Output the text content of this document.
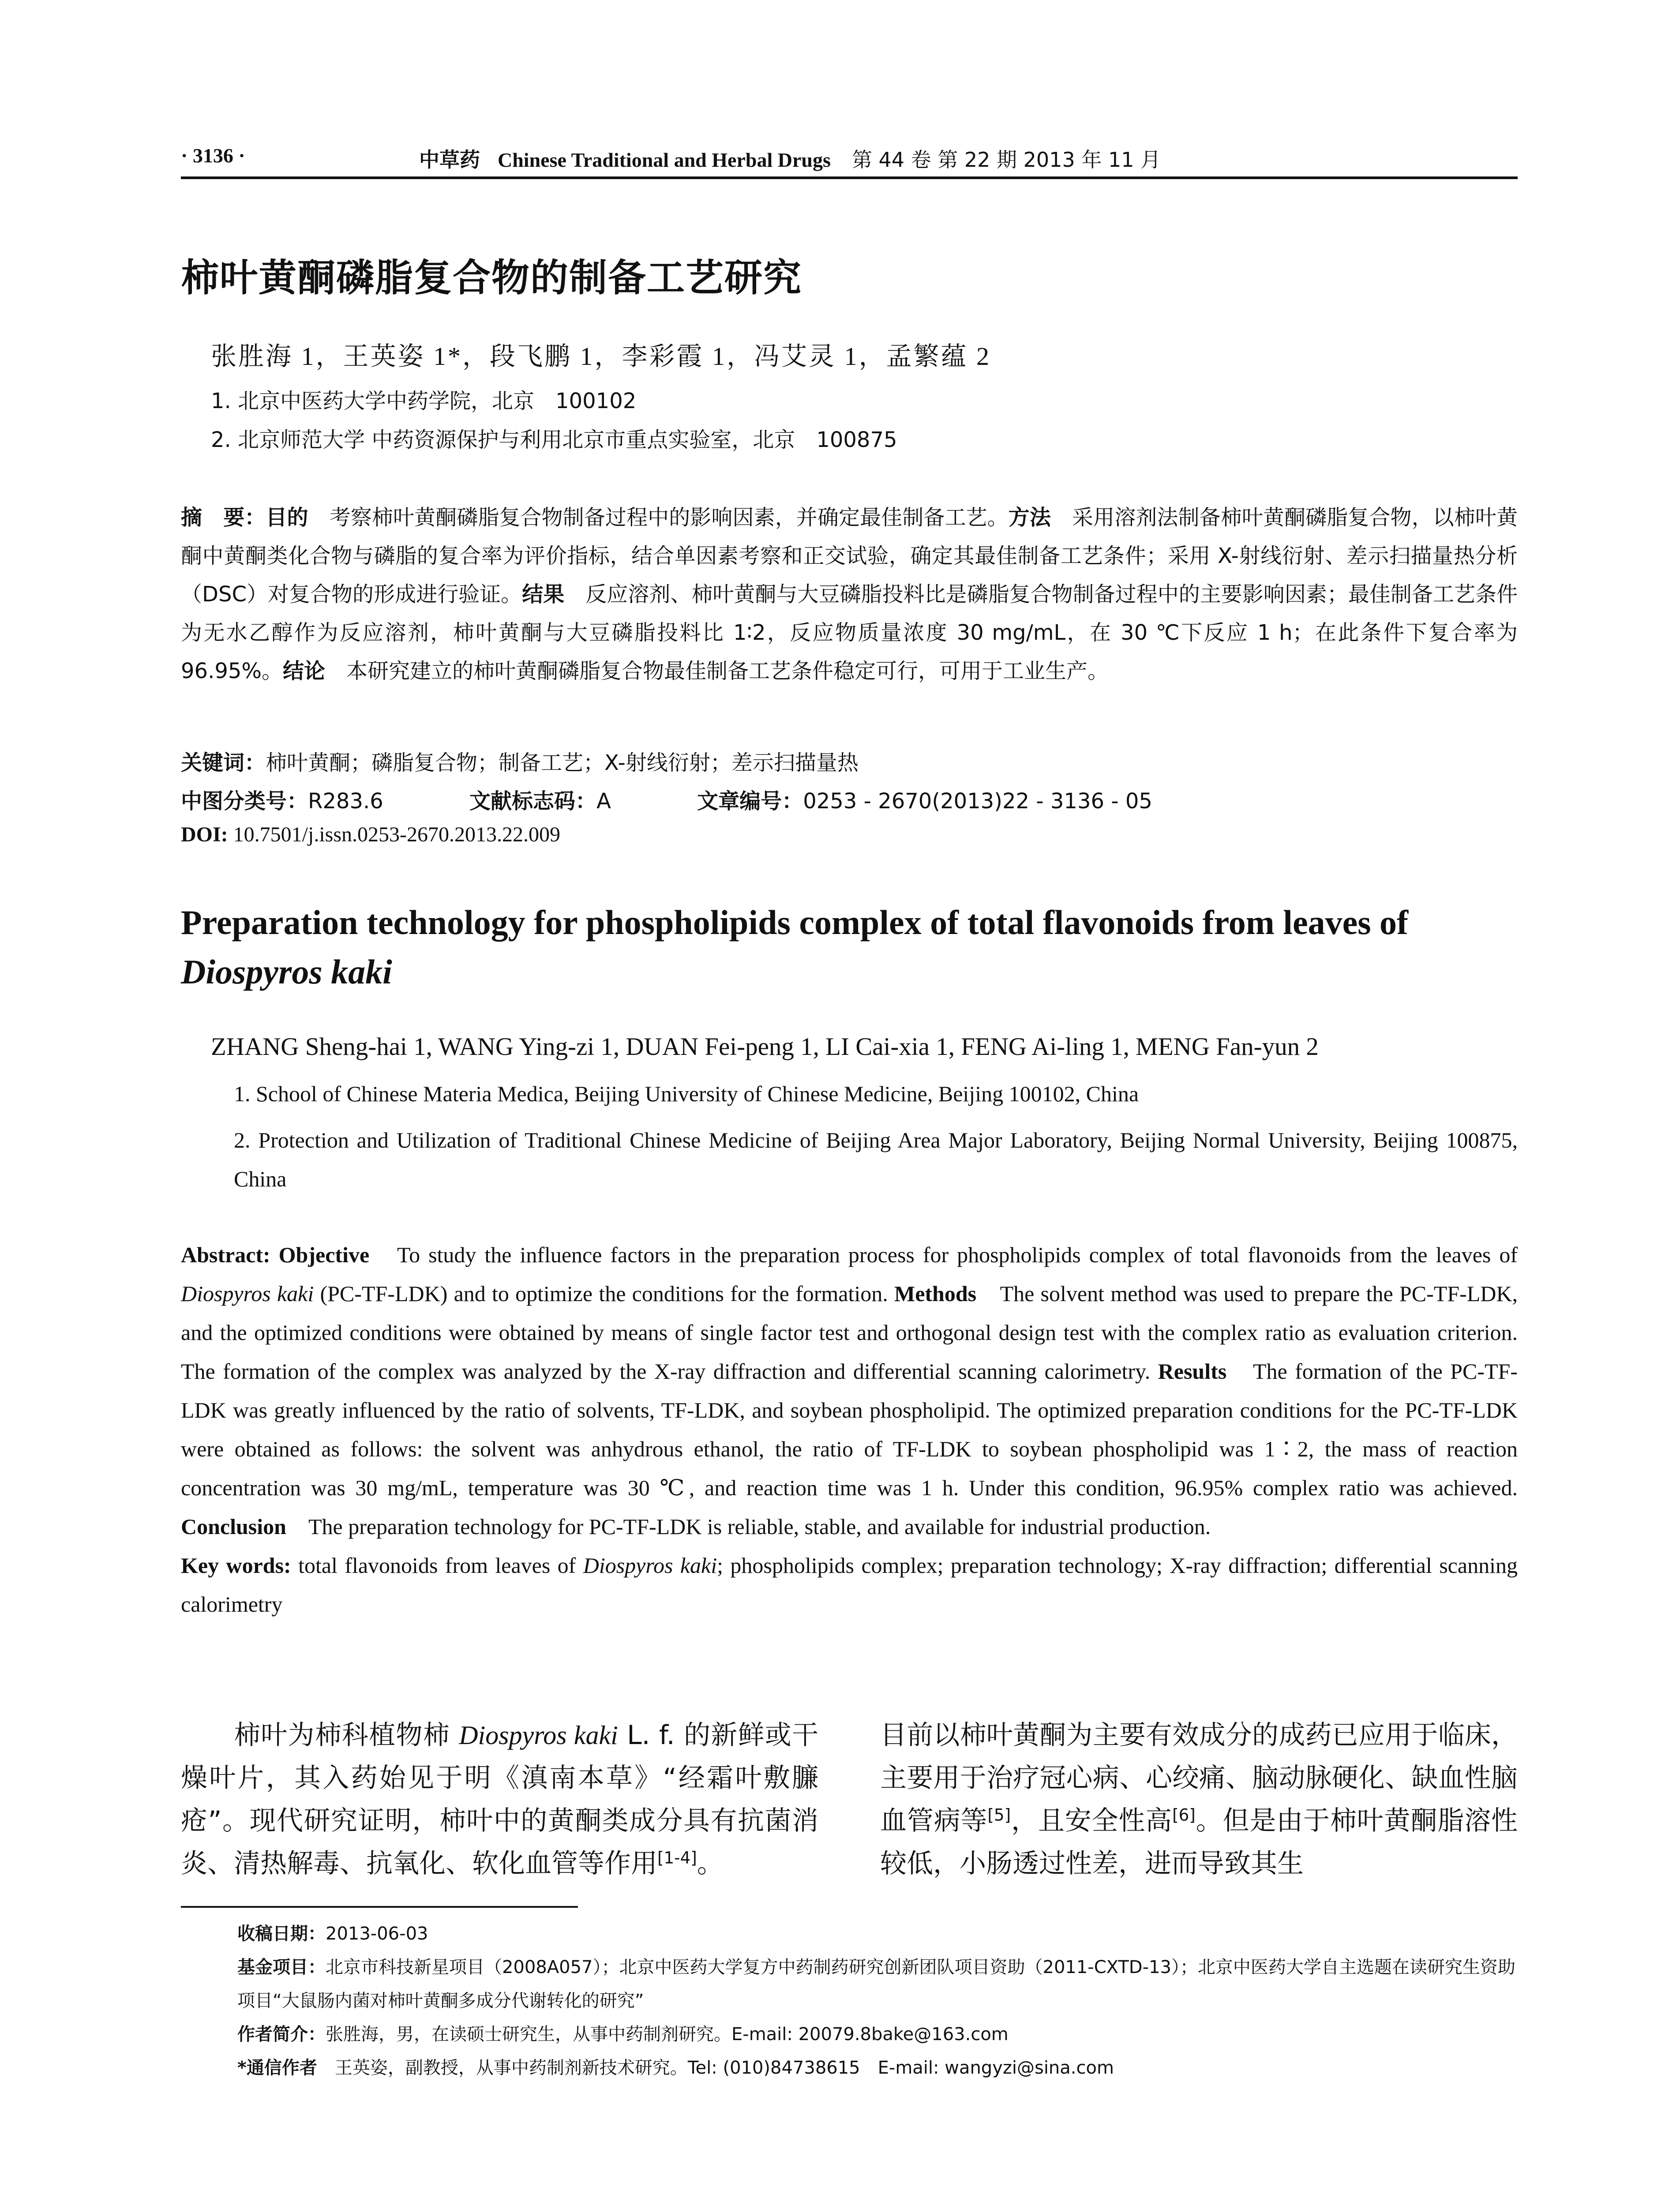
· 3136 ·	中草药 Chinese Traditional and Herbal Drugs 第 44 卷 第 22 期 2013 年 11 月
柿叶黄酮磷脂复合物的制备工艺研究
张胜海 1，王英姿 1*，段飞鹏 1，李彩霞 1，冯艾灵 1，孟繁蕴 2
1. 北京中医药大学中药学院，北京　100102
2. 北京师范大学 中药资源保护与利用北京市重点实验室，北京　100875
摘　要：目的　考察柿叶黄酮磷脂复合物制备过程中的影响因素，并确定最佳制备工艺。方法　采用溶剂法制备柿叶黄酮磷脂复合物，以柿叶黄酮中黄酮类化合物与磷脂的复合率为评价指标，结合单因素考察和正交试验，确定其最佳制备工艺条件；采用 X-射线衍射、差示扫描量热分析（DSC）对复合物的形成进行验证。结果　反应溶剂、柿叶黄酮与大豆磷脂投料比是磷脂复合物制备过程中的主要影响因素；最佳制备工艺条件为无水乙醇作为反应溶剂，柿叶黄酮与大豆磷脂投料比 1∶2，反应物质量浓度 30 mg/mL，在 30 ℃下反应 1 h；在此条件下复合率为 96.95%。结论　本研究建立的柿叶黄酮磷脂复合物最佳制备工艺条件稳定可行，可用于工业生产。
关键词：柿叶黄酮；磷脂复合物；制备工艺；X-射线衍射；差示扫描量热
中图分类号：R283.6	文献标志码：A	文章编号：0253 - 2670(2013)22 - 3136 - 05
DOI: 10.7501/j.issn.0253-2670.2013.22.009
Preparation technology for phospholipids complex of total flavonoids from leaves of Diospyros kaki
ZHANG Sheng-hai 1, WANG Ying-zi 1, DUAN Fei-peng 1, LI Cai-xia 1, FENG Ai-ling 1, MENG Fan-yun 2
1. School of Chinese Materia Medica, Beijing University of Chinese Medicine, Beijing 100102, China
2. Protection and Utilization of Traditional Chinese Medicine of Beijing Area Major Laboratory, Beijing Normal University, Beijing 100875, China
Abstract: Objective　To study the influence factors in the preparation process for phospholipids complex of total flavonoids from the leaves of Diospyros kaki (PC-TF-LDK) and to optimize the conditions for the formation. Methods　The solvent method was used to prepare the PC-TF-LDK, and the optimized conditions were obtained by means of single factor test and orthogonal design test with the complex ratio as evaluation criterion. The formation of the complex was analyzed by the X-ray diffraction and differential scanning calorimetry. Results　The formation of the PC-TF-LDK was greatly influenced by the ratio of solvents, TF-LDK, and soybean phospholipid. The optimized preparation conditions for the PC-TF-LDK were obtained as follows: the solvent was anhydrous ethanol, the ratio of TF-LDK to soybean phospholipid was 1∶2, the mass of reaction concentration was 30 mg/mL, temperature was 30 ℃, and reaction time was 1 h. Under this condition, 96.95% complex ratio was achieved. Conclusion　The preparation technology for PC-TF-LDK is reliable, stable, and available for industrial production.
Key words: total flavonoids from leaves of Diospyros kaki; phospholipids complex; preparation technology; X-ray diffraction; differential scanning calorimetry
柿叶为柿科植物柿 Diospyros kaki L. f. 的新鲜或干燥叶片，其入药始见于明《滇南本草》“经霜叶敷臁疮”。现代研究证明，柿叶中的黄酮类成分具有抗菌消炎、清热解毒、抗氧化、软化血管等作用[1-4]。
目前以柿叶黄酮为主要有效成分的成药已应用于临床，主要用于治疗冠心病、心绞痛、脑动脉硬化、缺血性脑血管病等[5]，且安全性高[6]。但是由于柿叶黄酮脂溶性较低，小肠透过性差，进而导致其生
收稿日期：2013-06-03
基金项目：北京市科技新星项目（2008A057）；北京中医药大学复方中药制药研究创新团队项目资助（2011-CXTD-13）；北京中医药大学自主选题在读研究生资助项目“大鼠肠内菌对柿叶黄酮多成分代谢转化的研究”
作者简介：张胜海，男，在读硕士研究生，从事中药制剂研究。E-mail: 20079.8bake@163.com
*通信作者　王英姿，副教授，从事中药制剂新技术研究。Tel: (010)84738615　E-mail: wangyzi@sina.com
